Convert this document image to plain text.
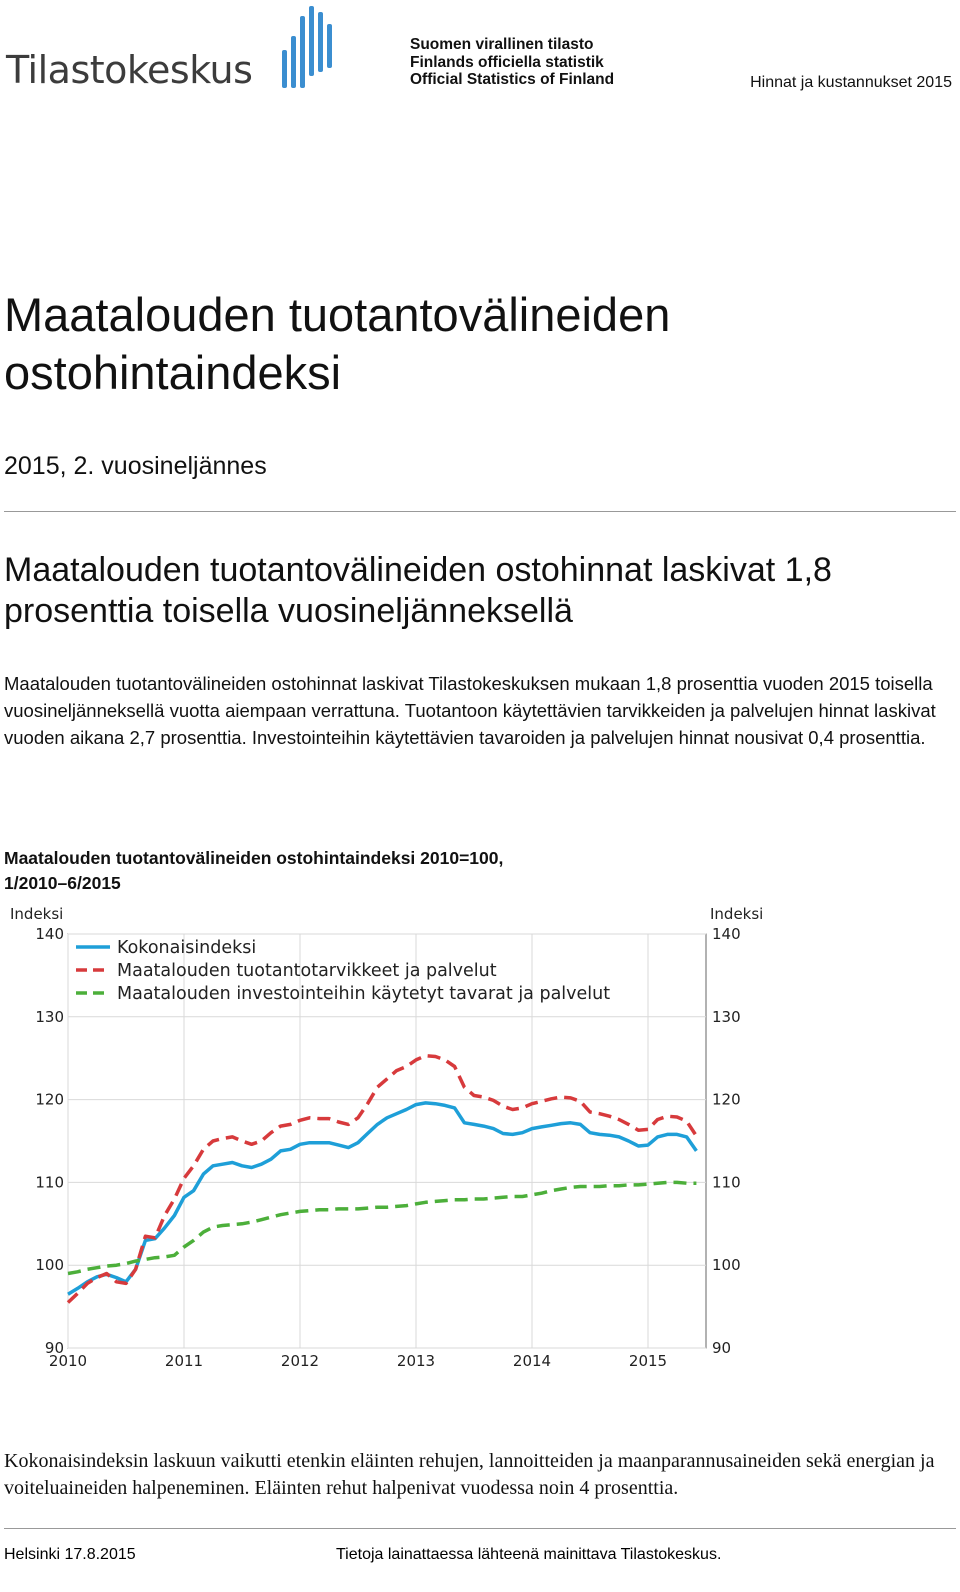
Tilastokeskus
Suomen virallinen tilasto
Finlands officiella statistik
Official Statistics of Finland	Hinnat ja kustannukset 2015
Maatalouden tuotantovälineiden ostohintaindeksi
2015, 2. vuosineljännes
Maatalouden tuotantovälineiden ostohinnat laskivat 1,8 prosenttia toisella vuosineljänneksellä
Maatalouden tuotantovälineiden ostohinnat laskivat Tilastokeskuksen mukaan 1,8 prosenttia vuoden 2015 toisella vuosineljänneksellä vuotta aiempaan verrattuna. Tuotantoon käytettävien tarvikkeiden ja palvelujen hinnat laskivat vuoden aikana 2,7 prosenttia. Investointeihin käytettävien tavaroiden ja palvelujen hinnat nousivat 0,4 prosenttia.
Maatalouden tuotantovälineiden ostohintaindeksi 2010=100,
1/2010–6/2015
90	90
100	100
110	110
120	120
130	130
140	140
2010	2011	2012	2013	2014	2015
Indeksi	Indeksi
Kokonaisindeksi
Maatalouden tuotantotarvikkeet ja palvelut
Maatalouden investointeihin käytetyt tavarat ja palvelut
Kokonaisindeksin laskuun vaikutti etenkin eläinten rehujen, lannoitteiden ja maanparannusaineiden sekä energian ja voiteluaineiden halpeneminen. Eläinten rehut halpenivat vuodessa noin 4 prosenttia.
Helsinki 17.8.2015	Tietoja lainattaessa lähteenä mainittava Tilastokeskus.
